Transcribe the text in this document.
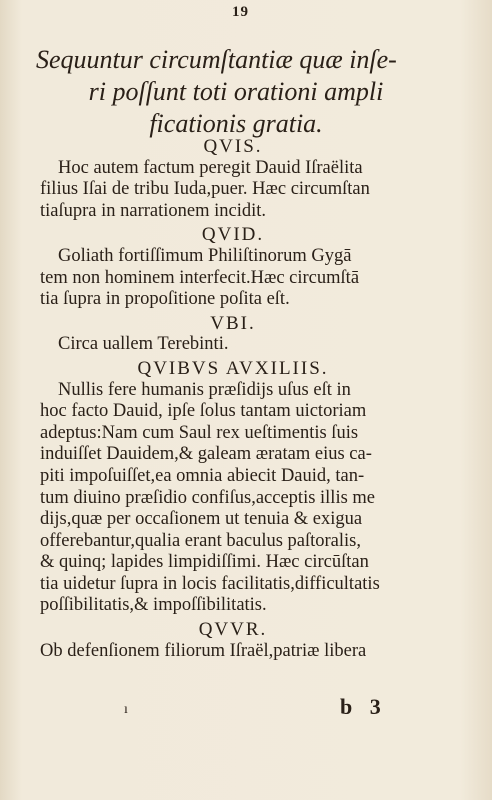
19
Sequuntur circumſtantiæ quæ inſe-
ri poſſunt toti orationi ampli
ficationis gratia.
QVIS.
Hoc autem factum peregit Dauid Iſraëlita
filius Iſai de tribu Iuda,puer. Hæc circumſtan
tiaſupra in narrationem incidit.
QVID.
Goliath fortiſſimum Philiſtinorum Gygā
tem non hominem interfecit.Hæc circumſtā
tia ſupra in propoſitione poſita eſt.
VBI.
Circa uallem Terebinti.
QVIBVS AVXILIIS.
Nullis fere humanis præſidijs uſus eſt in
hoc facto Dauid, ipſe ſolus tantam uictoriam
adeptus:Nam cum Saul rex ueſtimentis ſuis
induiſſet Dauidem,& galeam æratam eius ca-
piti impoſuiſſet,ea omnia abiecit Dauid, tan-
tum diuino præſidio confiſus,acceptis illis me
dijs,quæ per occaſionem ut tenuia & exigua
offerebantur,qualia erant baculus paſtoralis,
& quinq; lapides limpidiſſimi. Hæc circūſtan
tia uidetur ſupra in locis facilitatis,difficultatis
poſſibilitatis,& impoſſibilitatis.
QVVR.
Ob defenſionem filiorum Iſraël,patriæ libera
ı	b 3
